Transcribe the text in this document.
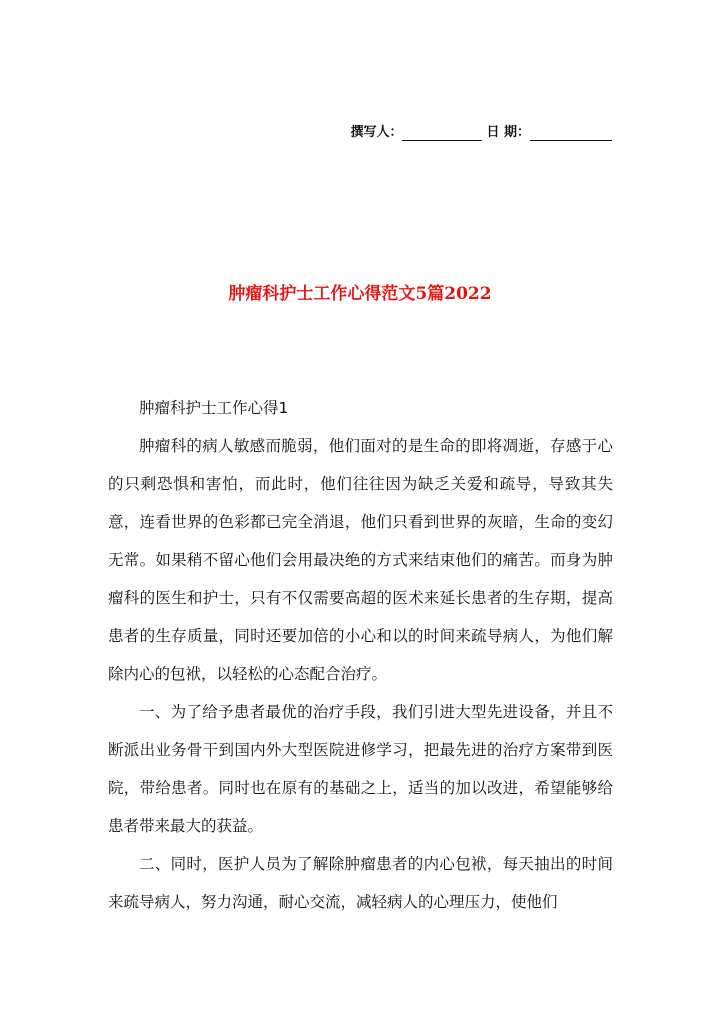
撰写人：	日 期：
肿瘤科护士工作心得范文5篇2022

肿瘤科护士工作心得1

肿瘤科的病人敏感而脆弱，他们面对的是生命的即将凋逝，存感于心的只剩恐惧和害怕，而此时，他们往往因为缺乏关爱和疏导，导致其失意，连看世界的色彩都已完全消退，他们只看到世界的灰暗，生命的变幻无常。如果稍不留心他们会用最决绝的方式来结束他们的痛苦。而身为肿瘤科的医生和护士，只有不仅需要高超的医术来延长患者的生存期，提高患者的生存质量，同时还要加倍的小心和以的时间来疏导病人，为他们解除内心的包袱，以轻松的心态配合治疗。

一、为了给予患者最优的治疗手段，我们引进大型先进设备，并且不断派出业务骨干到国内外大型医院进修学习，把最先进的治疗方案带到医院，带给患者。同时也在原有的基础之上，适当的加以改进，希望能够给患者带来最大的获益。

二、同时，医护人员为了解除肿瘤患者的内心包袱，每天抽出的时间来疏导病人，努力沟通，耐心交流，减轻病人的心理压力，使他们
